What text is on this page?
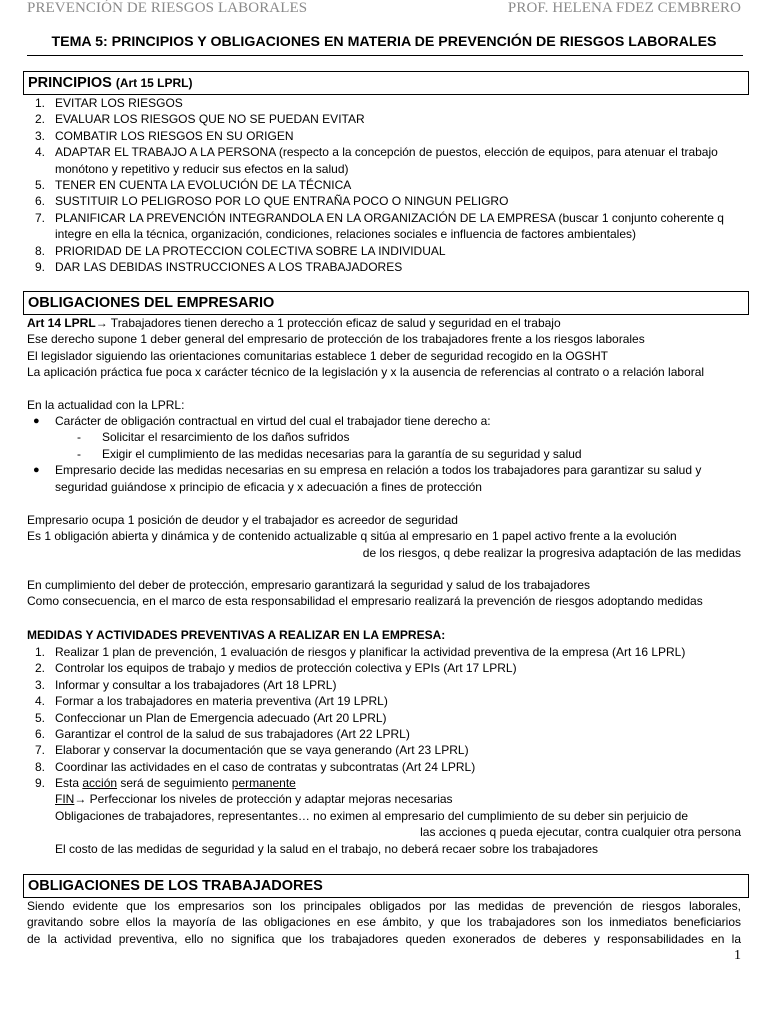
PREVENCIÓN DE RIESGOS LABORALES	PROF. HELENA FDEZ CEMBRERO
TEMA 5: PRINCIPIOS Y OBLIGACIONES EN MATERIA DE PREVENCIÓN DE RIESGOS LABORALES
PRINCIPIOS (Art 15 LPRL)
1. EVITAR LOS RIESGOS
2. EVALUAR LOS RIESGOS QUE NO SE PUEDAN EVITAR
3. COMBATIR LOS RIESGOS EN SU ORIGEN
4. ADAPTAR EL TRABAJO A LA PERSONA (respecto a la concepción de puestos, elección de equipos, para atenuar el trabajo
monótono y repetitivo y reducir sus efectos en la salud)
5. TENER EN CUENTA LA EVOLUCIÓN DE LA TÉCNICA
6. SUSTITUIR LO PELIGROSO POR LO QUE ENTRAÑA POCO O NINGUN PELIGRO
7. PLANIFICAR LA PREVENCIÓN INTEGRANDOLA EN LA ORGANIZACIÓN DE LA EMPRESA (buscar 1 conjunto coherente q
integre en ella la técnica, organización, condiciones, relaciones sociales e influencia de factores ambientales)
8. PRIORIDAD DE LA PROTECCION COLECTIVA SOBRE LA INDIVIDUAL
9. DAR LAS DEBIDAS INSTRUCCIONES A LOS TRABAJADORES
OBLIGACIONES DEL EMPRESARIO
Art 14 LPRL→ Trabajadores tienen derecho a 1 protección eficaz de salud y seguridad en el trabajo
Ese derecho supone 1 deber general del empresario de protección de los trabajadores frente a los riesgos laborales
El legislador siguiendo las orientaciones comunitarias establece 1 deber de seguridad recogido en la OGSHT
La aplicación práctica fue poca x carácter técnico de la legislación y x la ausencia de referencias al contrato o a relación laboral
En la actualidad con la LPRL:
● Carácter de obligación contractual en virtud del cual el trabajador tiene derecho a:
- Solicitar el resarcimiento de los daños sufridos
- Exigir el cumplimiento de las medidas necesarias para la garantía de su seguridad y salud
● Empresario decide las medidas necesarias en su empresa en relación a todos los trabajadores para garantizar su salud y
seguridad guiándose x principio de eficacia y x adecuación a fines de protección
Empresario ocupa 1 posición de deudor y el trabajador es acreedor de seguridad
Es 1 obligación abierta y dinámica y de contenido actualizable q sitúa al empresario en 1 papel activo frente a la evolución
de los riesgos, q debe realizar la progresiva adaptación de las medidas
En cumplimiento del deber de protección, empresario garantizará la seguridad y salud de los trabajadores
Como consecuencia, en el marco de esta responsabilidad el empresario realizará la prevención de riesgos adoptando medidas
MEDIDAS Y ACTIVIDADES PREVENTIVAS A REALIZAR EN LA EMPRESA:
1. Realizar 1 plan de prevención, 1 evaluación de riesgos y planificar la actividad preventiva de la empresa (Art 16 LPRL)
2. Controlar los equipos de trabajo y medios de protección colectiva y EPIs (Art 17 LPRL)
3. Informar y consultar a los trabajadores (Art 18 LPRL)
4. Formar a los trabajadores en materia preventiva (Art 19 LPRL)
5. Confeccionar un Plan de Emergencia adecuado (Art 20 LPRL)
6. Garantizar el control de la salud de sus trabajadores (Art 22 LPRL)
7. Elaborar y conservar la documentación que se vaya generando (Art 23 LPRL)
8. Coordinar las actividades en el caso de contratas y subcontratas (Art 24 LPRL)
9. Esta acción será de seguimiento permanente
FIN→ Perfeccionar los niveles de protección y adaptar mejoras necesarias
Obligaciones de trabajadores, representantes… no eximen al empresario del cumplimiento de su deber sin perjuicio de
las acciones q pueda ejecutar, contra cualquier otra persona
El costo de las medidas de seguridad y la salud en el trabajo, no deberá recaer sobre los trabajadores
OBLIGACIONES DE LOS TRABAJADORES
Siendo evidente que los empresarios son los principales obligados por las medidas de prevención de riesgos laborales,
gravitando sobre ellos la mayoría de las obligaciones en ese ámbito, y que los trabajadores son los inmediatos beneficiarios
de la actividad preventiva, ello no significa que los trabajadores queden exonerados de deberes y responsabilidades en la
1
